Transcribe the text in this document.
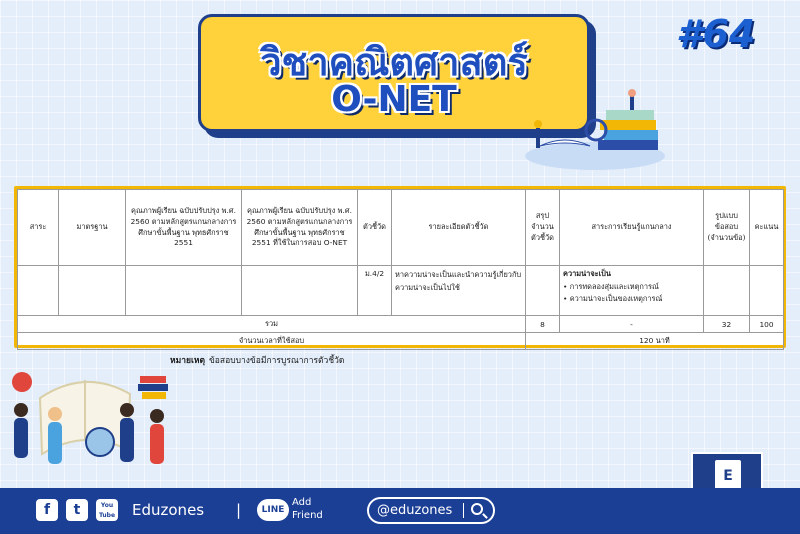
วิชาคณิตศาสตร์
O-NET
#64
สาระ	มาตรฐาน	คุณภาพผู้เรียน ฉบับปรับปรุง พ.ศ. 2560 ตามหลักสูตรแกนกลางการศึกษาขั้นพื้นฐาน พุทธศักราช 2551	คุณภาพผู้เรียน ฉบับปรับปรุง พ.ศ. 2560 ตามหลักสูตรแกนกลางการศึกษาขั้นพื้นฐาน พุทธศักราช 2551 ที่ใช้ในการสอบ O-NET	ตัวชี้วัด	รายละเอียดตัวชี้วัด	สรุปจำนวนตัวชี้วัด	สาระการเรียนรู้แกนกลาง	รูปแบบข้อสอบ (จำนวนข้อ)	คะแนน
				ม.4/2	หาความน่าจะเป็นและนำความรู้เกี่ยวกับความน่าจะเป็นไปใช้		ความน่าจะเป็น
• การทดลองสุ่มและเหตุการณ์
• ความน่าจะเป็นของเหตุการณ์		

รวม						8	-	32	100
จำนวนเวลาที่ใช้สอบ						120 นาที			
หมายเหตุ ข้อสอบบางข้อมีการบูรณาการตัวชี้วัด
E
f	t	You Tube Eduzones |	LINE
Add
Friend	@eduzones
